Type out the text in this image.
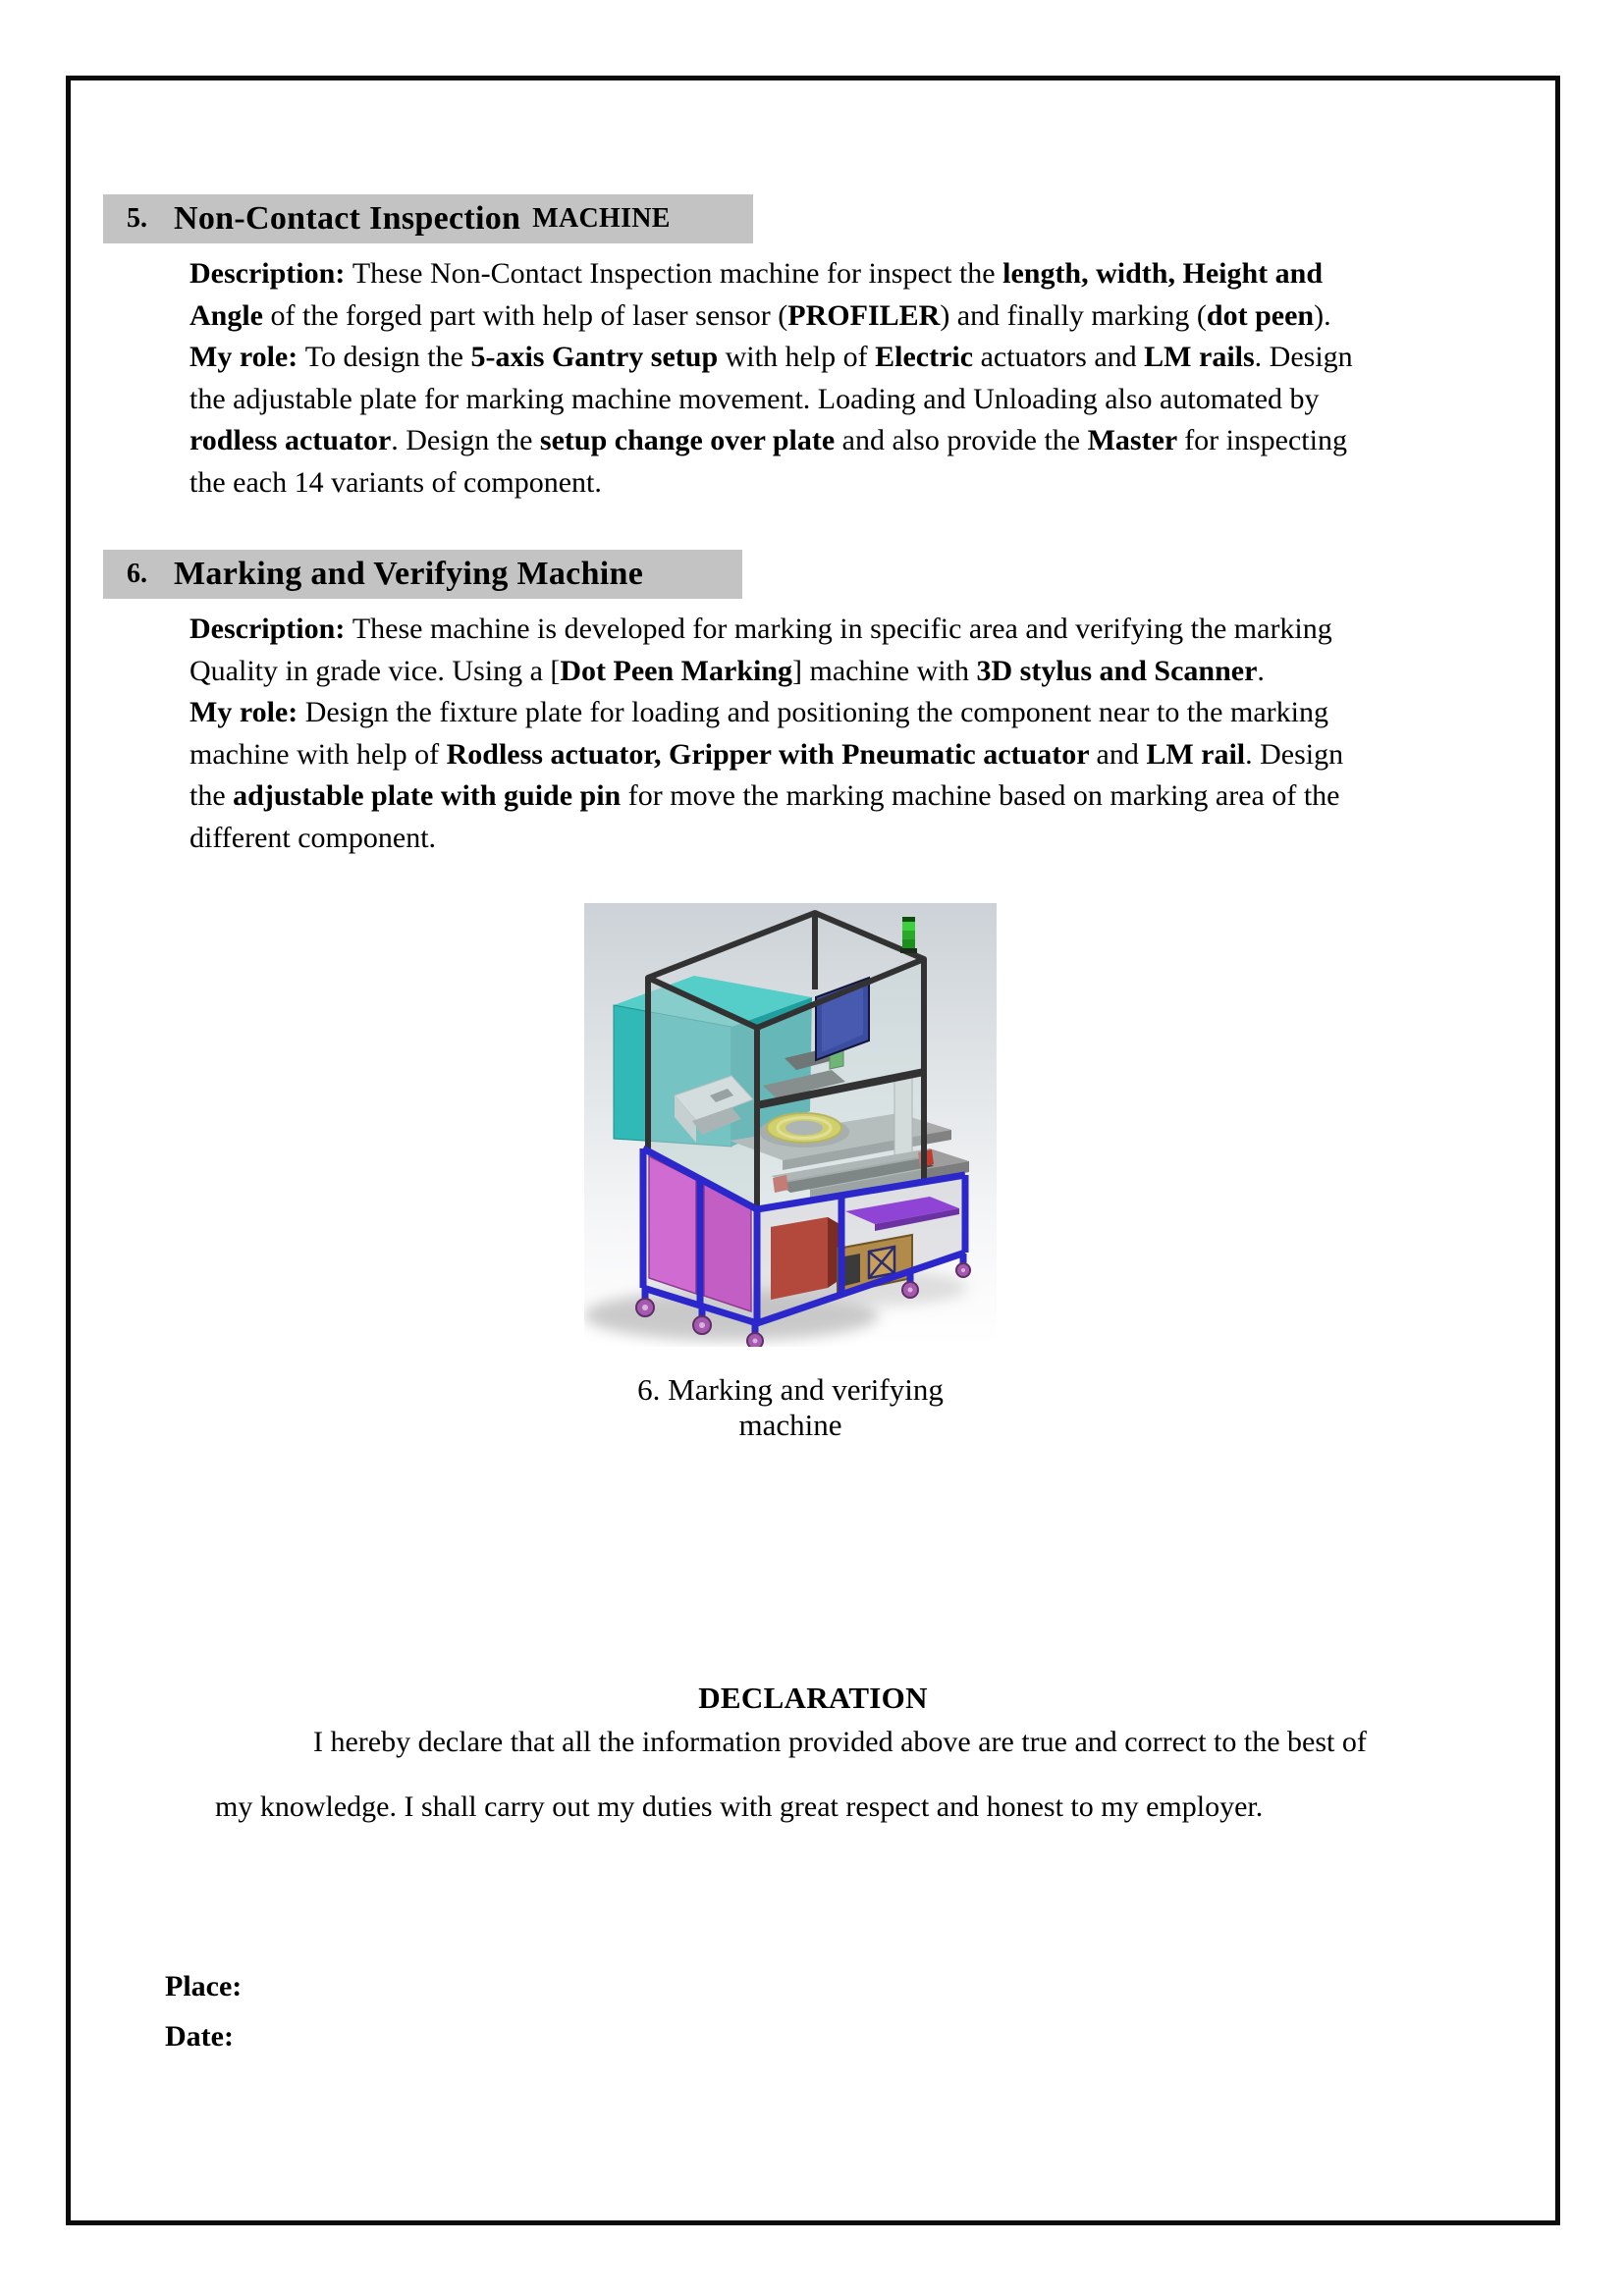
5. Non-Contact Inspection MACHINE
Description: These Non-Contact Inspection machine for inspect the length, width, Height and
Angle of the forged part with help of laser sensor (PROFILER) and finally marking (dot peen).
My role: To design the 5-axis Gantry setup with help of Electric actuators and LM rails. Design
the adjustable plate for marking machine movement. Loading and Unloading also automated by
rodless actuator. Design the setup change over plate and also provide the Master for inspecting
the each 14 variants of component.
6. Marking and Verifying Machine
Description: These machine is developed for marking in specific area and verifying the marking
Quality in grade vice. Using a [Dot Peen Marking] machine with 3D stylus and Scanner.
My role: Design the fixture plate for loading and positioning the component near to the marking
machine with help of Rodless actuator, Gripper with Pneumatic actuator and LM rail. Design
the adjustable plate with guide pin for move the marking machine based on marking area of the
different component.
6. Marking and verifying machine
DECLARATION
I hereby declare that all the information provided above are true and correct to the best of
my knowledge. I shall carry out my duties with great respect and honest to my employer.
Place:
Date:
